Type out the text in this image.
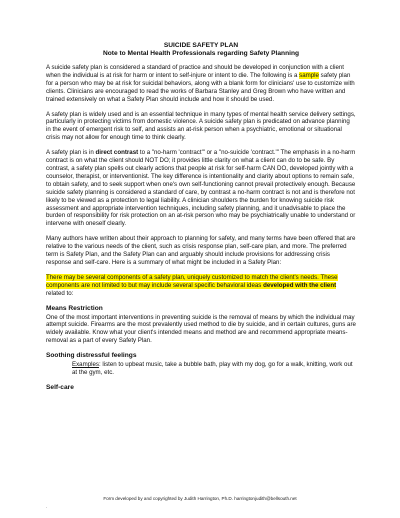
SUICIDE SAFETY PLAN
Note to Mental Health Professionals regarding Safety Planning

A suicide safety plan is considered a standard of practice and should be developed in conjunction with a client when the individual is at risk for harm or intent to self-injure or intent to die. The following is a sample safety plan for a person who may be at risk for suicidal behaviors, along with a blank form for clinicians' use to customize with clients. Clinicians are encouraged to read the works of Barbara Stanley and Greg Brown who have written and trained extensively on what a Safety Plan should include and how it should be used.

A safety plan is widely used and is an essential technique in many types of mental health service delivery settings, particularly in protecting victims from domestic violence. A suicide safety plan is predicated on advance planning in the event of emergent risk to self, and assists an at-risk person when a psychiatric, emotional or situational crisis may not allow for enough time to think clearly.

A safety plan is in direct contrast to a "no-harm 'contract'" or a "no-suicide 'contract.'" The emphasis in a no-harm contract is on what the client should NOT DO; it provides little clarity on what a client can do to be safe. By contrast, a safety plan spells out clearly actions that people at risk for self-harm CAN DO, developed jointly with a counselor, therapist, or interventionist. The key difference is intentionality and clarity about options to remain safe, to obtain safety, and to seek support when one's own self-functioning cannot prevail protectively enough. Because suicide safety planning is considered a standard of care, by contrast a no-harm contract is not and is therefore not likely to be viewed as a protection to legal liability. A clinician shoulders the burden for knowing suicide risk assessment and appropriate intervention techniques, including safety planning, and it unadvisable to place the burden of responsibility for risk protection on an at-risk person who may be psychiatrically unable to understand or intervene with oneself clearly.

Many authors have written about their approach to planning for safety, and many terms have been offered that are relative to the various needs of the client, such as crisis response plan, self-care plan, and more. The preferred term is Safety Plan, and the Safety Plan can and arguably should include provisions for addressing crisis response and self-care. Here is a summary of what might be included in a Safety Plan:

There may be several components of a safety plan, uniquely customized to match the client's needs. These components are not limited to but may include several specific behavioral ideas developed with the client related to:

Means Restriction

One of the most important interventions in preventing suicide is the removal of means by which the individual may attempt suicide. Firearms are the most prevalently used method to die by suicide, and in certain cultures, guns are widely available. Know what your client's intended means and method are and recommend appropriate means-removal as a part of every Safety Plan.

Soothing distressful feelings

Examples: listen to upbeat music, take a bubble bath, play with my dog, go for a walk, knitting, work out at the gym, etc.

Self-care
Form developed by and copyrighted by Judith Harrington, Ph.D. harringtonjudith@bellsouth.net
.
